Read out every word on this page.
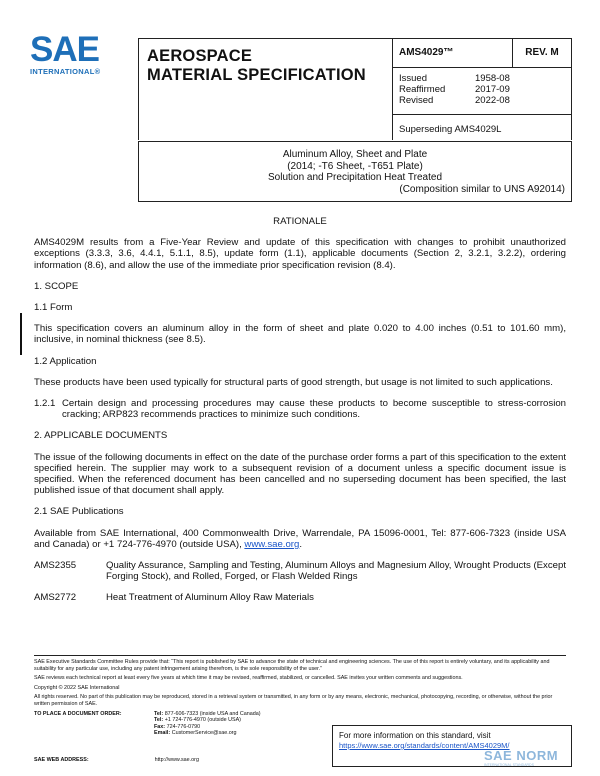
SAE
INTERNATIONAL®
AEROSPACE
MATERIAL SPECIFICATION
AMS4029™	REV. M
Issued	1958-08
Reaffirmed	2017-09
Revised	2022-08
Superseding AMS4029L
Aluminum Alloy, Sheet and Plate
(2014; -T6 Sheet, -T651 Plate)
Solution and Precipitation Heat Treated
(Composition similar to UNS A92014)
RATIONALE
AMS4029M results from a Five-Year Review and update of this specification with changes to prohibit unauthorized exceptions (3.3.3, 3.6, 4.4.1, 5.1.1, 8.5), update form (1.1), applicable documents (Section 2, 3.2.1, 3.2.2), ordering information (8.6), and allow the use of the immediate prior specification revision (8.4).
1. SCOPE
1.1 Form
This specification covers an aluminum alloy in the form of sheet and plate 0.020 to 4.00 inches (0.51 to 101.60 mm), inclusive, in nominal thickness (see 8.5).
1.2 Application
These products have been used typically for structural parts of good strength, but usage is not limited to such applications.
1.2.1 Certain design and processing procedures may cause these products to become susceptible to stress-corrosion cracking; ARP823 recommends practices to minimize such conditions.
2. APPLICABLE DOCUMENTS
The issue of the following documents in effect on the date of the purchase order forms a part of this specification to the extent specified herein. The supplier may work to a subsequent revision of a document unless a specific document issue is specified. When the referenced document has been cancelled and no superseding document has been specified, the last published issue of that document shall apply.
2.1 SAE Publications
Available from SAE International, 400 Commonwealth Drive, Warrendale, PA 15096-0001, Tel: 877-606-7323 (inside USA and Canada) or +1 724-776-4970 (outside USA), www.sae.org.
AMS2355	Quality Assurance, Sampling and Testing, Aluminum Alloys and Magnesium Alloy, Wrought Products (Except Forging Stock), and Rolled, Forged, or Flash Welded Rings
AMS2772	Heat Treatment of Aluminum Alloy Raw Materials
SAE Executive Standards Committee Rules provide that: “This report is published by SAE to advance the state of technical and engineering sciences. The use of this report is entirely voluntary, and its applicability and suitability for any particular use, including any patent infringement arising therefrom, is the sole responsibility of the user.”
SAE reviews each technical report at least every five years at which time it may be revised, reaffirmed, stabilized, or cancelled. SAE invites your written comments and suggestions.
Copyright © 2022 SAE International
All rights reserved. No part of this publication may be reproduced, stored in a retrieval system or transmitted, in any form or by any means, electronic, mechanical, photocopying, recording, or otherwise, without the prior written permission of SAE.
TO PLACE A DOCUMENT ORDER:	Tel: 877-606-7323 (inside USA and Canada)
Tel: +1 724-776-4970 (outside USA)
Fax: 724-776-0790
Email: CustomerService@sae.org
SAE WEB ADDRESS:	http://www.sae.org
For more information on this standard, visit
https://www.sae.org/standards/content/AMS4029M/
SAE NORM
INTERNATIONAL STANDARDS
